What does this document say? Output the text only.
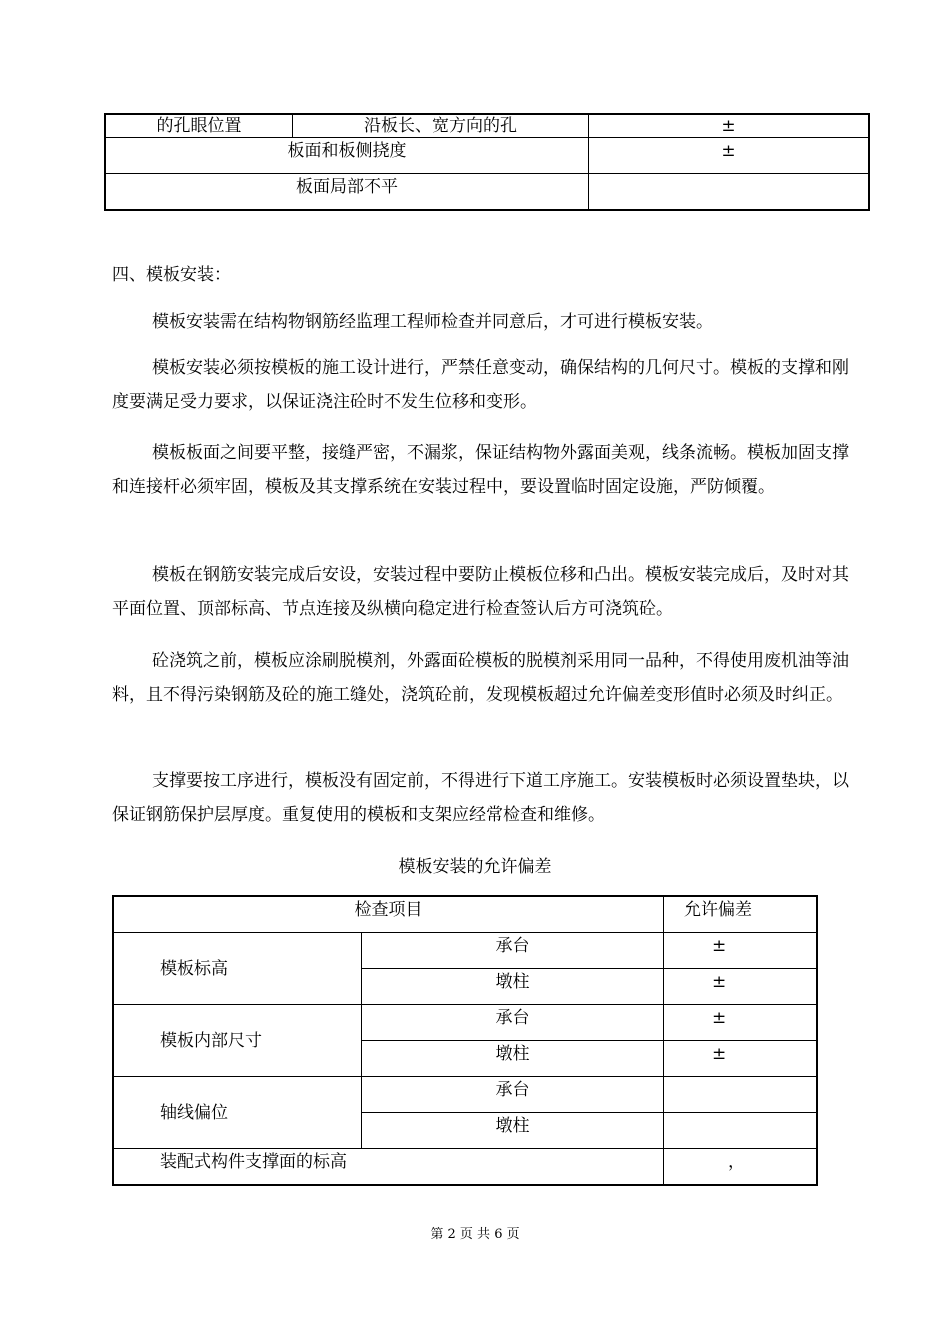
的孔眼位置	沿板长、宽方向的孔	±
板面和板侧挠度		±
板面局部不平		

四、模板安装：

模板安装需在结构物钢筋经监理工程师检查并同意后，才可进行模板安装。

模板安装必须按模板的施工设计进行，严禁任意变动，确保结构的几何尺寸。模板的支撑和刚度要满足受力要求，以保证浇注砼时不发生位移和变形。

模板板面之间要平整，接缝严密，不漏浆，保证结构物外露面美观，线条流畅。模板加固支撑和连接杆必须牢固，模板及其支撑系统在安装过程中，要设置临时固定设施，严防倾覆。

模板在钢筋安装完成后安设，安装过程中要防止模板位移和凸出。模板安装完成后，及时对其平面位置、顶部标高、节点连接及纵横向稳定进行检查签认后方可浇筑砼。

砼浇筑之前，模板应涂刷脱模剂，外露面砼模板的脱模剂采用同一品种，不得使用废机油等油料，且不得污染钢筋及砼的施工缝处，浇筑砼前，发现模板超过允许偏差变形值时必须及时纠正。

支撑要按工序进行，模板没有固定前，不得进行下道工序施工。安装模板时必须设置垫块，以保证钢筋保护层厚度。重复使用的模板和支架应经常检查和维修。

模板安装的允许偏差
检查项目		允许偏差
模板标高	承台	±
	墩柱	±
模板内部尺寸	承台	±
	墩柱	±
轴线偏位	承台	
	墩柱	
装配式构件支撑面的标高		，
第 2 页 共 6 页
